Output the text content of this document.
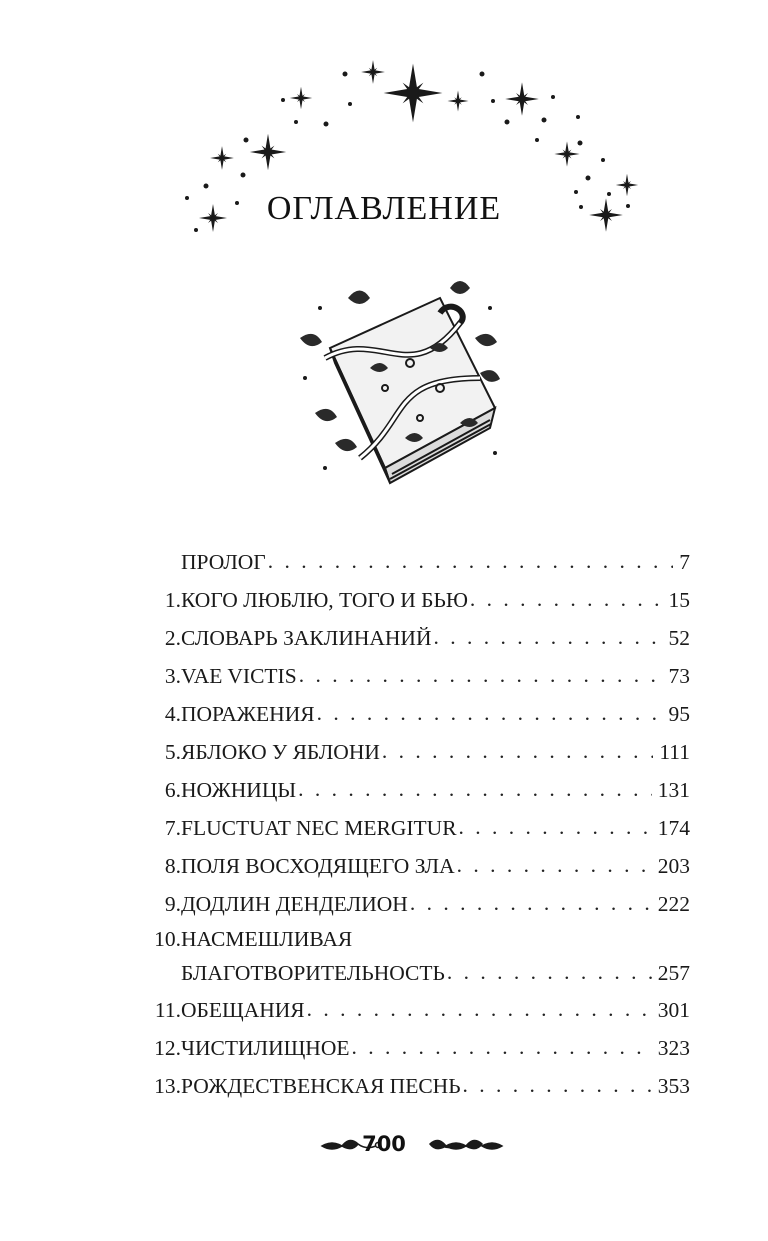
ОГЛАВЛЕНИЕ
ПРОЛОГ . . .	7
1. КОГО ЛЮБЛЮ, ТОГО И БЬЮ . . .	15
2. СЛОВАРЬ ЗАКЛИНАНИЙ . . .	52
3. VAE VICTIS . . .	73
4. ПОРАЖЕНИЯ . . .	95
5. ЯБЛОКО У ЯБЛОНИ . . .	111
6. НОЖНИЦЫ . . .	131
7. FLUCTUAT NEC MERGITUR . . .	174
8. ПОЛЯ ВОСХОДЯЩЕГО ЗЛА . . .	203
9. ДОДЛИН ДЕНДЕЛИОН . . .	222
10. НАСМЕШЛИВАЯ
БЛАГОТВОРИТЕЛЬНОСТЬ . . .	257
11. ОБЕЩАНИЯ . . .	301
12. ЧИСТИЛИЩНОЕ . . .	323
13. РОЖДЕСТВЕНСКАЯ ПЕСНЬ . . .	353
700
